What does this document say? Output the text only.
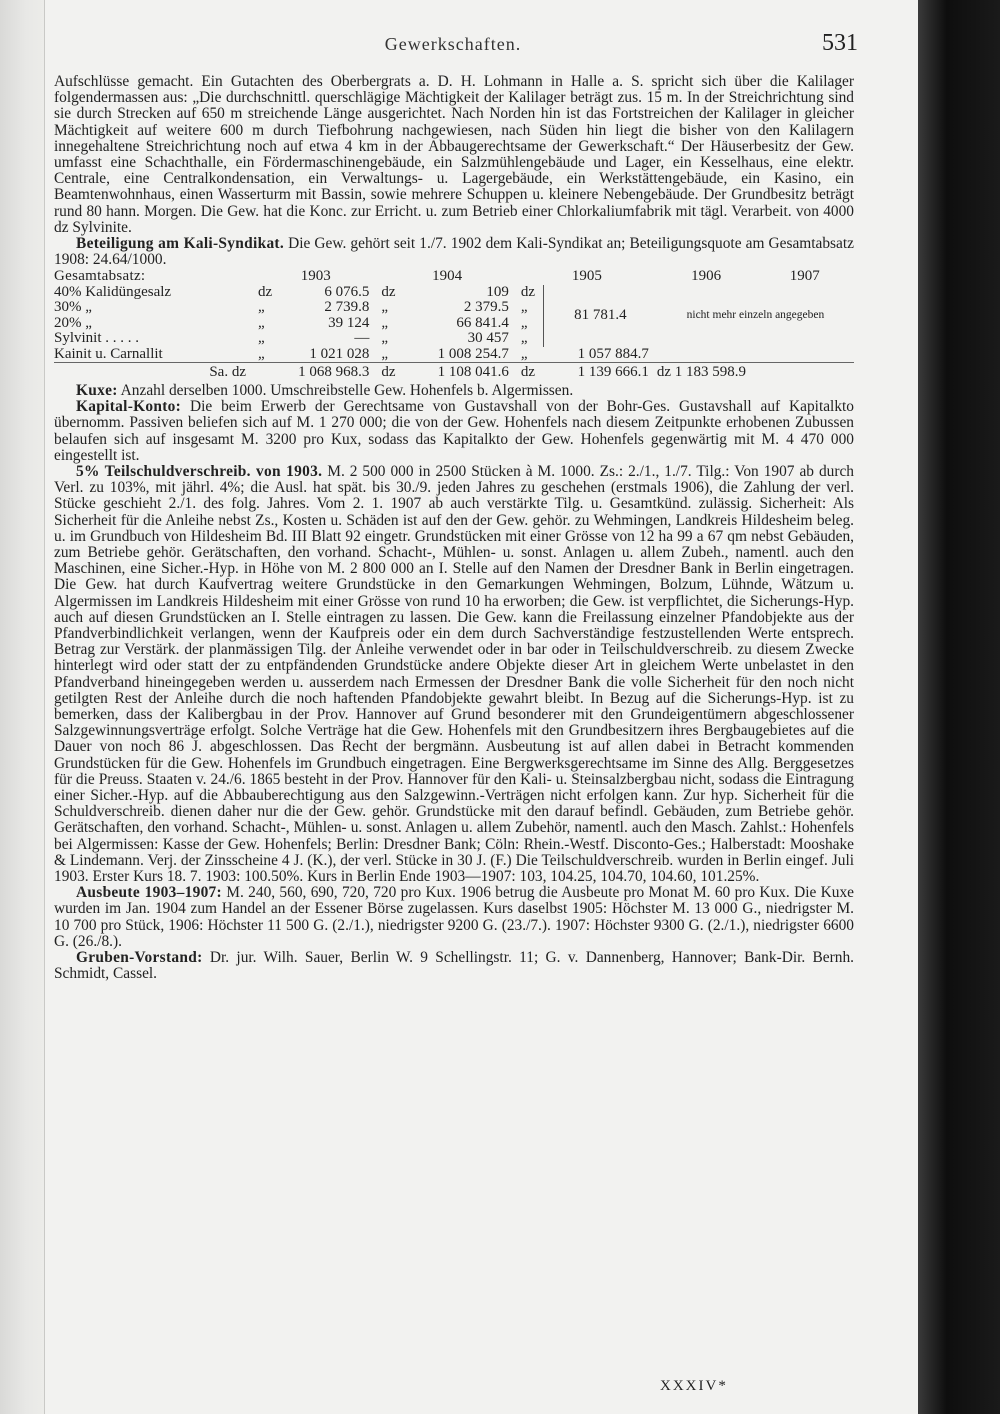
Gewerkschaften.	531

Aufschlüsse gemacht. Ein Gutachten des Oberbergrats a. D. H. Lohmann in Halle a. S. spricht sich über die Kalilager folgendermassen aus: „Die durchschnittl. querschlägige Mächtigkeit der Kalilager beträgt zus. 15 m. In der Streichrichtung sind sie durch Strecken auf 650 m streichende Länge ausgerichtet. Nach Norden hin ist das Fortstreichen der Kalilager in gleicher Mächtigkeit auf weitere 600 m durch Tiefbohrung nachgewiesen, nach Süden hin liegt die bisher von den Kalilagern innegehaltene Streichrichtung noch auf etwa 4 km in der Abbaugerechtsame der Gewerkschaft.“ Der Häuserbesitz der Gew. umfasst eine Schachthalle, ein Fördermaschinengebäude, ein Salzmühlengebäude und Lager, ein Kesselhaus, eine elektr. Centrale, eine Centralkondensation, ein Verwaltungs- u. Lagergebäude, ein Werkstättengebäude, ein Kasino, ein Beamtenwohnhaus, einen Wasserturm mit Bassin, sowie mehrere Schuppen u. kleinere Nebengebäude. Der Grundbesitz beträgt rund 80 hann. Morgen. Die Gew. hat die Konc. zur Erricht. u. zum Betrieb einer Chlorkaliumfabrik mit tägl. Verarbeit. von 4000 dz Sylvinite.

Beteiligung am Kali-Syndikat. Die Gew. gehört seit 1./7. 1902 dem Kali-Syndikat an; Beteiligungsquote am Gesamtabsatz 1908: 24.64/1000.

Gesamtabsatz:	1903		1904		1905		1906	1907
40% Kalidüngesalz	dz	6 076.5	dz	109	dz	81 781.4	nicht mehr einzeln angegeben	
30% „	„	2 739.8	„	2 379.5	„			
20% „	„	39 124	„	66 841.4	„			
Sylvinit . . . . .	„	—	„	30 457	„			
Kainit u. Carnallit	„	1 021 028	„	1 008 254.7	„	1 057 884.7		
Sa. dz	1 068 968.3		dz	1 108 041.6	dz	1 139 666.1	dz 1 183 598.9	

Kuxe: Anzahl derselben 1000. Umschreibstelle Gew. Hohenfels b. Algermissen.

Kapital-Konto: Die beim Erwerb der Gerechtsame von Gustavshall von der Bohr-Ges. Gustavshall auf Kapitalkto übernomm. Passiven beliefen sich auf M. 1 270 000; die von der Gew. Hohenfels nach diesem Zeitpunkte erhobenen Zubussen belaufen sich auf insgesamt M. 3200 pro Kux, sodass das Kapitalkto der Gew. Hohenfels gegenwärtig mit M. 4 470 000 eingestellt ist.

5% Teilschuldverschreib. von 1903. M. 2 500 000 in 2500 Stücken à M. 1000. Zs.: 2./1., 1./7. Tilg.: Von 1907 ab durch Verl. zu 103%, mit jährl. 4%; die Ausl. hat spät. bis 30./9. jeden Jahres zu geschehen (erstmals 1906), die Zahlung der verl. Stücke geschieht 2./1. des folg. Jahres. Vom 2. 1. 1907 ab auch verstärkte Tilg. u. Gesamtkünd. zulässig. Sicherheit: Als Sicherheit für die Anleihe nebst Zs., Kosten u. Schäden ist auf den der Gew. gehör. zu Wehmingen, Landkreis Hildesheim beleg. u. im Grundbuch von Hildesheim Bd. III Blatt 92 eingetr. Grundstücken mit einer Grösse von 12 ha 99 a 67 qm nebst Gebäuden, zum Betriebe gehör. Gerätschaften, den vorhand. Schacht-, Mühlen- u. sonst. Anlagen u. allem Zubeh., namentl. auch den Maschinen, eine Sicher.-Hyp. in Höhe von M. 2 800 000 an I. Stelle auf den Namen der Dresdner Bank in Berlin eingetragen. Die Gew. hat durch Kaufvertrag weitere Grundstücke in den Gemarkungen Wehmingen, Bolzum, Lühnde, Wätzum u. Algermissen im Landkreis Hildesheim mit einer Grösse von rund 10 ha erworben; die Gew. ist verpflichtet, die Sicherungs-Hyp. auch auf diesen Grundstücken an I. Stelle eintragen zu lassen. Die Gew. kann die Freilassung einzelner Pfandobjekte aus der Pfandverbindlichkeit verlangen, wenn der Kaufpreis oder ein dem durch Sachverständige festzustellenden Werte entsprech. Betrag zur Verstärk. der planmässigen Tilg. der Anleihe verwendet oder in bar oder in Teilschuldverschreib. zu diesem Zwecke hinterlegt wird oder statt der zu entpfändenden Grundstücke andere Objekte dieser Art in gleichem Werte unbelastet in den Pfandverband hineingegeben werden u. ausserdem nach Ermessen der Dresdner Bank die volle Sicherheit für den noch nicht getilgten Rest der Anleihe durch die noch haftenden Pfandobjekte gewahrt bleibt. In Bezug auf die Sicherungs-Hyp. ist zu bemerken, dass der Kalibergbau in der Prov. Hannover auf Grund besonderer mit den Grundeigentümern abgeschlossener Salzgewinnungsverträge erfolgt. Solche Verträge hat die Gew. Hohenfels mit den Grundbesitzern ihres Bergbaugebietes auf die Dauer von noch 86 J. abgeschlossen. Das Recht der bergmänn. Ausbeutung ist auf allen dabei in Betracht kommenden Grundstücken für die Gew. Hohenfels im Grundbuch eingetragen. Eine Bergwerksgerechtsame im Sinne des Allg. Berggesetzes für die Preuss. Staaten v. 24./6. 1865 besteht in der Prov. Hannover für den Kali- u. Steinsalzbergbau nicht, sodass die Eintragung einer Sicher.-Hyp. auf die Abbauberechtigung aus den Salzgewinn.-Verträgen nicht erfolgen kann. Zur hyp. Sicherheit für die Schuldverschreib. dienen daher nur die der Gew. gehör. Grundstücke mit den darauf befindl. Gebäuden, zum Betriebe gehör. Gerätschaften, den vorhand. Schacht-, Mühlen- u. sonst. Anlagen u. allem Zubehör, namentl. auch den Masch. Zahlst.: Hohenfels bei Algermissen: Kasse der Gew. Hohenfels; Berlin: Dresdner Bank; Cöln: Rhein.-Westf. Disconto-Ges.; Halberstadt: Mooshake & Lindemann. Verj. der Zinsscheine 4 J. (K.), der verl. Stücke in 30 J. (F.) Die Teilschuldverschreib. wurden in Berlin eingef. Juli 1903. Erster Kurs 18. 7. 1903: 100.50%. Kurs in Berlin Ende 1903—1907: 103, 104.25, 104.70, 104.60, 101.25%.

Ausbeute 1903–1907: M. 240, 560, 690, 720, 720 pro Kux. 1906 betrug die Ausbeute pro Monat M. 60 pro Kux. Die Kuxe wurden im Jan. 1904 zum Handel an der Essener Börse zugelassen. Kurs daselbst 1905: Höchster M. 13 000 G., niedrigster M. 10 700 pro Stück, 1906: Höchster 11 500 G. (2./1.), niedrigster 9200 G. (23./7.). 1907: Höchster 9300 G. (2./1.), niedrigster 6600 G. (26./8.).

Gruben-Vorstand: Dr. jur. Wilh. Sauer, Berlin W. 9 Schellingstr. 11; G. v. Dannenberg, Hannover; Bank-Dir. Bernh. Schmidt, Cassel.

XXXIV*
